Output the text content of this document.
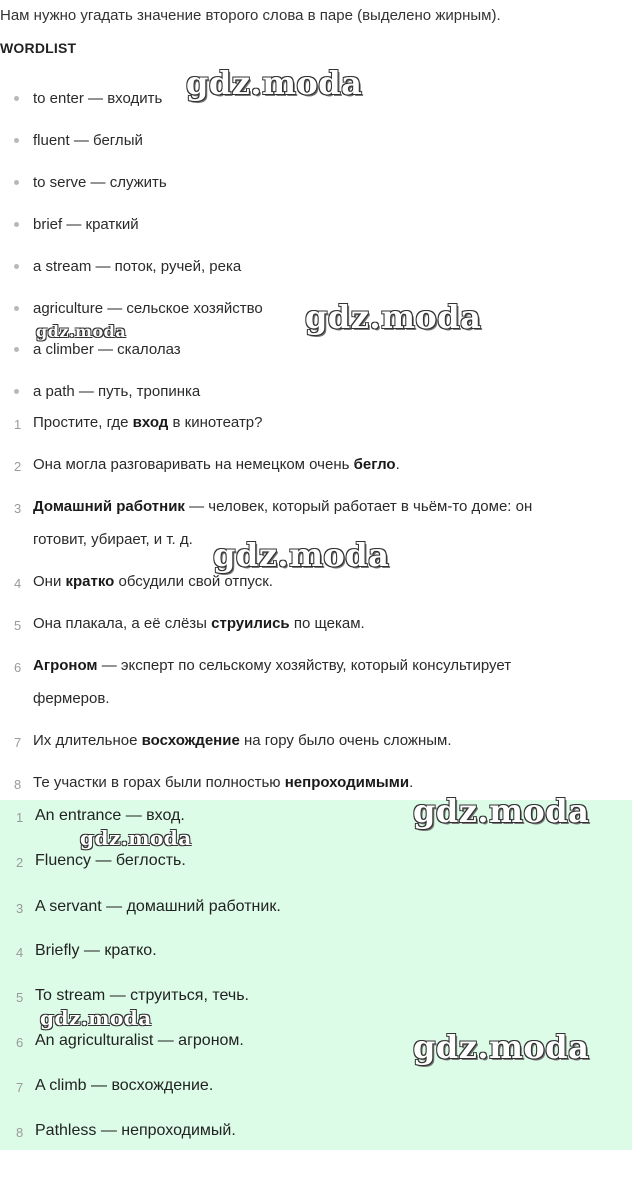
Нам нужно угадать значение второго слова в паре (выделено жирным).
WORDLIST
to enter — входить
fluent — беглый
to serve — служить
brief — краткий
a stream — поток, ручей, река
agriculture — сельское хозяйство
a climber — скалолаз
a path — путь, тропинка
1 Простите, где вход в кинотеатр?
2 Она могла разговаривать на немецком очень бегло.
3 Домашний работник — человек, который работает в чьём-то доме: он
готовит, убирает, и т. д.
4 Они кратко обсудили свой отпуск.
5 Она плакала, а её слёзы струились по щекам.
6 Агроном — эксперт по сельскому хозяйству, который консультирует
фермеров.
7 Их длительное восхождение на гору было очень сложным.
8 Те участки в горах были полностью непроходимыми.
1 An entrance — вход.
2 Fluency — беглость.
3 A servant — домашний работник.
4 Briefly — кратко.
5 To stream — струиться, течь.
6 An agriculturalist — агроном.
7 A climb — восхождение.
8 Pathless — непроходимый.
gdz.moda
gdz.moda
gdz.moda
gdz.moda
gdz.moda
gdz.moda
gdz.moda
gdz.moda
